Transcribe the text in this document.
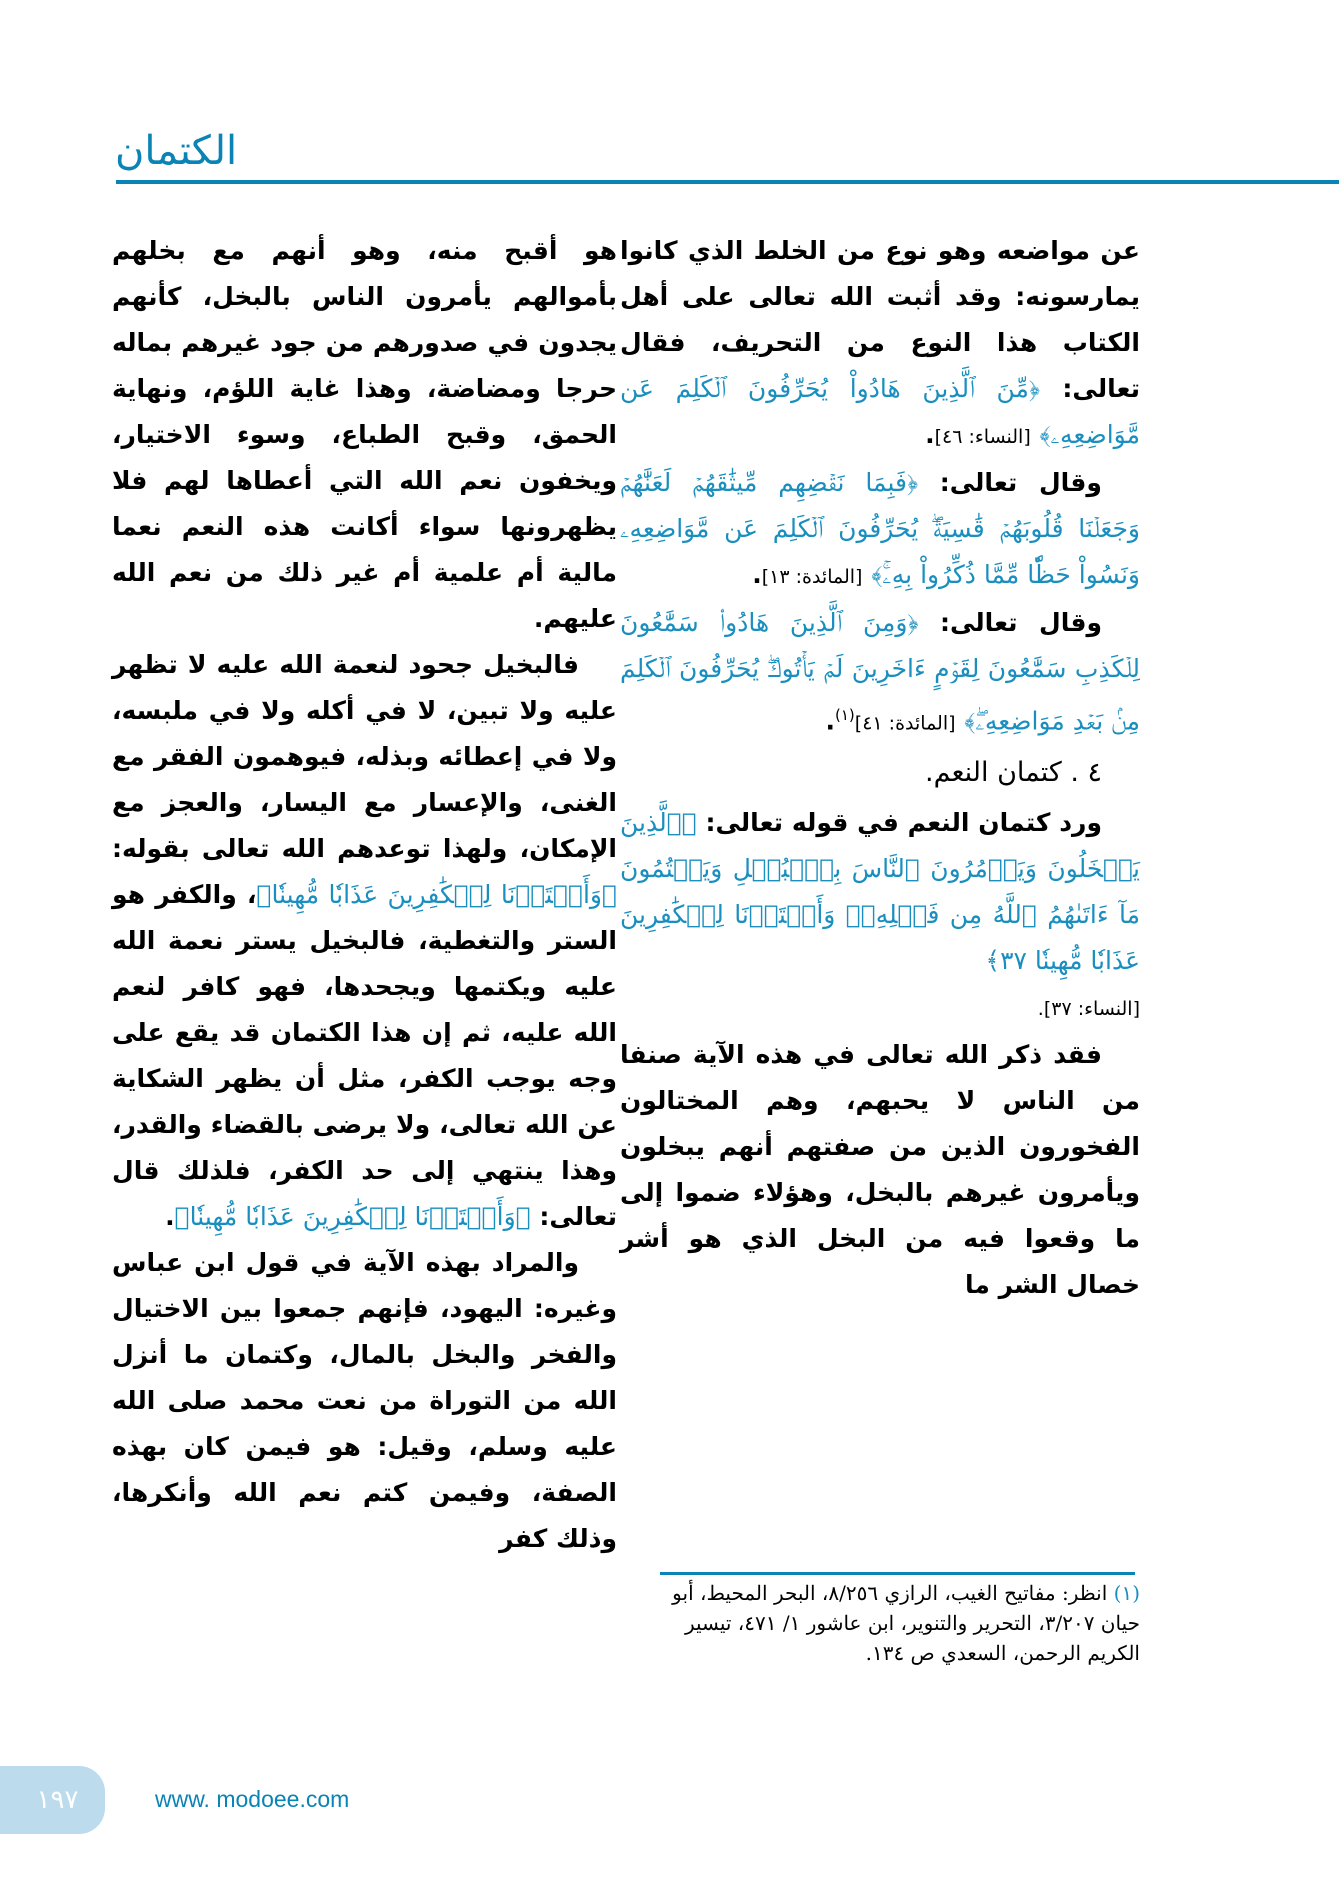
الكتمان

عن مواضعه وهو نوع من الخلط الذي كانوا يمارسونه: وقد أثبت الله تعالى على أهل الكتاب هذا النوع من التحريف، فقال تعالى: ﴿مِّنَ ٱلَّذِينَ هَادُواْ يُحَرِّفُونَ ٱلۡكَلِمَ عَن مَّوَاضِعِهِۦ﴾ [النساء: ٤٦].

وقال تعالى: ﴿فَبِمَا نَقۡضِهِم مِّيثَٰقَهُمۡ لَعَنَّٰهُمۡ وَجَعَلۡنَا قُلُوبَهُمۡ قَٰسِيَةٗۖ يُحَرِّفُونَ ٱلۡكَلِمَ عَن مَّوَاضِعِهِۦ وَنَسُواْ حَظّٗا مِّمَّا ذُكِّرُواْ بِهِۦۚ﴾ [المائدة: ١٣].

وقال تعالى: ﴿وَمِنَ ٱلَّذِينَ هَادُواْۛ سَمَّٰعُونَ لِلۡكَذِبِ سَمَّٰعُونَ لِقَوۡمٍ ءَاخَرِينَ لَمۡ يَأۡتُوكَۖ يُحَرِّفُونَ ٱلۡكَلِمَ مِنۢ بَعۡدِ مَوَاضِعِهِۦۖ﴾ [المائدة: ٤١]$^{(١)}$.

٤ . كتمان النعم.

ورد كتمان النعم في قوله تعالى: ﴿ٱلَّذِينَ يَبۡخَلُونَ وَيَأۡمُرُونَ ٱلنَّاسَ بِٱلۡبُخۡلِ وَيَكۡتُمُونَ مَآ ءَاتَىٰهُمُ ٱللَّهُ مِن فَضۡلِهِۦۗ وَأَعۡتَدۡنَا لِلۡكَٰفِرِينَ عَذَابٗا مُّهِينٗا ٣٧﴾

[النساء: ٣٧].

فقد ذكر الله تعالى في هذه الآية صنفا من الناس لا يحبهم، وهم المختالون الفخورون الذين من صفتهم أنهم يبخلون ويأمرون غيرهم بالبخل، وهؤلاء ضموا إلى ما وقعوا فيه من البخل الذي هو أشر خصال الشر ما

(١) انظر: مفاتيح الغيب، الرازي ٨/٢٥٦، البحر المحيط، أبو حيان ٣/٢٠٧، التحرير والتنوير، ابن عاشور ١/ ٤٧١، تيسير الكريم الرحمن، السعدي ص ١٣٤.

هو أقبح منه، وهو أنهم مع بخلهم بأموالهم يأمرون الناس بالبخل، كأنهم يجدون في صدورهم من جود غيرهم بماله حرجا ومضاضة، وهذا غاية اللؤم، ونهاية الحمق، وقبح الطباع، وسوء الاختيار، ويخفون نعم الله التي أعطاها لهم فلا يظهرونها سواء أكانت هذه النعم نعما مالية أم علمية أم غير ذلك من نعم الله عليهم.

فالبخيل جحود لنعمة الله عليه لا تظهر عليه ولا تبين، لا في أكله ولا في ملبسه، ولا في إعطائه وبذله، فيوهمون الفقر مع الغنى، والإعسار مع اليسار، والعجز مع الإمكان، ولهذا توعدهم الله تعالى بقوله: ﴿وَأَعۡتَدۡنَا لِلۡكَٰفِرِينَ عَذَابٗا مُّهِينٗا﴾، والكفر هو الستر والتغطية، فالبخيل يستر نعمة الله عليه ويكتمها ويجحدها، فهو كافر لنعم الله عليه، ثم إن هذا الكتمان قد يقع على وجه يوجب الكفر، مثل أن يظهر الشكاية عن الله تعالى، ولا يرضى بالقضاء والقدر، وهذا ينتهي إلى حد الكفر، فلذلك قال تعالى: ﴿وَأَعۡتَدۡنَا لِلۡكَٰفِرِينَ عَذَابٗا مُّهِينٗا﴾.

والمراد بهذه الآية في قول ابن عباس وغيره: اليهود، فإنهم جمعوا بين الاختيال والفخر والبخل بالمال، وكتمان ما أنزل الله من التوراة من نعت محمد صلى الله عليه وسلم، وقيل: هو فيمن كان بهذه الصفة، وفيمن كتم نعم الله وأنكرها، وذلك كفر

١٩٧	www. modoee.com
